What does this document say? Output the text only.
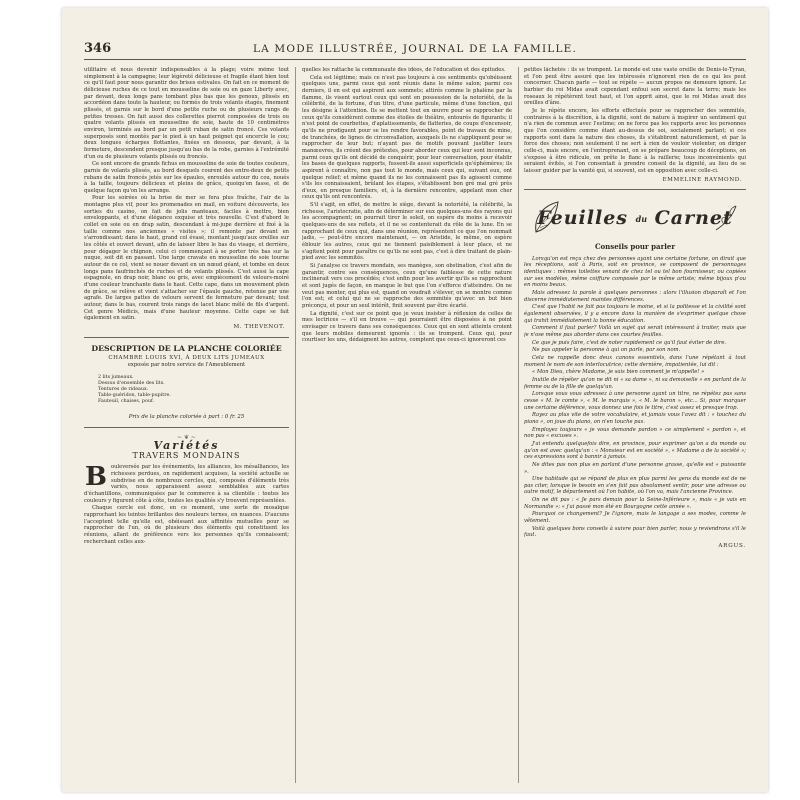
346	LA MODE ILLUSTRÉE, JOURNAL DE LA FAMILLE.

utilitaire et nous devenir indispensables à la plage; voire même tout simplement à la campagne; leur légèreté délicieuse et fragile étant bien tout ce qu'il faut pour nous garantir des brises estivales. On fait en ce moment de délicieuse ruches de ce tout en mousseline de soie ou en gaze Liberty avec, par devant, deux longs pans tombant plus bas que les genoux, plissés en accordéon dans toute la hauteur, ou formés de trois volants étagés, finement plissés, et garnis sur le bord d'une petite ruche ou de plusieurs rangs de petites tresses. On fait aussi des collerettes pierrot composées de trois ou quatre volants plissés en mousseline de soie, haute de 10 centimètres environ, terminés au bord par un petit ruban de satin froncé. Ces volants superposés sont montés par le pied à un haut poignet qui encercle le cou; deux longues écharpes flottantes, fixées en dessous, par devant, à la fermeture, descendent presque jusqu'au bas de la robe, garnies à l'extrémité d'un ou de plusieurs volants plissés ou froncés.

Ce sont encore de grands fichus en mousseline de soie de toutes couleurs, garnis de volants plissés, au bord desquels courent des entre-deux de petits rubans de satin froncés jetés sur les épaules, enroulés autour du cou, noués à la taille, toujours délicieux et pleins de grâce, quoiqu'en fasse, et de quelque façon qu'on les arrange.

Pour les soirées où la brise de mer se fera plus fraîche, l'air de la montagne plus vif, pour les promenades en mail, en voiture découverte, les sorties du casino, on fait de jolis manteaux, faciles à mettre, bien enveloppants, et d'une élégance exquise et très nouvelle. C'est d'abord le collet en soie ou en drap satin, descendant à mi-jupe derrière et fixé à la taille comme nos anciennes « visites »; il remonte par devant en s'arrondissant; dans le haut, grand col évasé, montant jusqu'aux oreilles sur les côtés et ouvert devant, afin de laisser libre le bas du visage, et derrière, pour dégager le chignon, celui ci commençant à se porter très bas sur la nuque, soit dit en passant. Une large cravate en mousseline de soie tourne autour de ce col, vient se nouer devant en un nœud géant, et tombe en deux longs pans faufrinchés de ruches et de volants plissés. C'est aussi la cape espagnole, en drap noir, blanc ou gris, avec empiècement de velours-moiré d'une couleur tranchante dans le haut. Cette cape, dans un mouvement plein de grâce, se relève et vient s'attacher sur l'épaule gauche, retenue par une agrafe. De larges pattes de velours servent de fermeture par devant; tout autour, dans le bas, courent trois rangs de lacet blanc mêlé de fils d'argent. Cet genre Médicis, mais d'une hauteur moyenne. Cette cape se fait également en satin.

M. THEVENOT.
DESCRIPTION DE LA PLANCHE COLORIÉE
CHAMBRE LOUIS XVI, À DEUX LITS JUMEAUX
exposée par notre service de l'Ameublement
2 lits jumeaux.
Dessus d'ensemble des lits.
Tentures de rideaux.
Table-guéridon, table-pupitre.
Fauteuil, chaises, pouf.
Prix de la planche coloriée à part : 0 fr. 25
~ ❦ ~
Variétés
TRAVERS MONDAINS

Bouleversée par les événements, les alliances, les mésalliances, les richesses perdues, on rapidement acquises, la société actuelle se subdivise en de nombreux cercles, qui, composés d'éléments très variés, nous apparaissent assez semblables aux cartes d'échantillons, communiquées par le commerce à sa clientèle : toutes les couleurs y figurent côte à côte, toutes les qualités s'y trouvent représentées.

Chaque cercle est donc, en ce moment, une sorte de mosaïque rapprochant les teintes brillantes des nouleurs ternes, en nuances. D'aucuns l'acceptent telle qu'elle est, obéissant aux affinités mutuelles pour se rapprocher de l'un, où de plusieurs des éléments qui constituent les réunions, allant de préférence vers les personnes qu'ils connaissent; recherchant celles aux-

quelles les rattache la communauté des idées, de l'éducation et des épitudes.

Cela est légitime; mais ce n'est pas toujours à ces sentiments qu'obéissent quelques uns, parmi ceux qui sont réunis dans le même salon; parmi ces derniers, il en est qui aspirent aux sommets; attirés comme le phalène par la flamme, ils visent surtout ceux qui sont en possession de la notoriété, de la célébrité, de la fortune, d'un titre, d'une particule, même d'une fonction, qui les désigne à l'attention. Ils se mettent tout en œuvre pour se rapprocher de ceux qu'ils considèrent comme des étoiles de théâtre, entourés de figurants; il n'est point de courbettes, d'aplatissements, de flatteries, de coups d'encensoir, qu'ils ne prodiguent pour se les rendre favorables, point de travaux de mine, de tranchées, de lignes de circonvallation, auxquels ils ne s'appliquent pour se rapprocher de leur but; n'ayant pas de motifs pouvant justifier leurs manœuvres, ils créent des prétextes, pour aborder ceux qui leur sont inconnus, parmi ceux qu'ils ont décidé de conquérir, pour leur conversation, pour établir les bases de quelques rapports, fussent-ils aussi superficiels qu'éphémères; ils aspirent à connaître, non pas tout le monde, mais ceux qui, suivant eux, ont quelque relief; et même quand ils ne les connaissent pas ils agissent comme s'ils les connaissaient, brûlant les étapes, s'établissent bon gré mal gré près d'eux, en presque familiers, et, à la dernière rencontre, appelant mon cher ceux qu'ils ont rencontrés.

S'il s'agit, en effet, de mettre le siège, devant la notoriété, la célébrité, la richesse, l'aristocratie, afin de déterminer sur eux quelques-uns des rayons qui les accompagnent; on pourrait tirer le soleil, on espère du moins à recevoir quelques-uns de ses reflets, et il ne se contenterait du rôle de la lune. En se rapprochant de ceux qui, dans une réunion, représentent ce que l'on nommait jadis, — peut-être encore maintenant, — on Aristide, le même, on espère éblouir les autres, ceux qui ne tiennent paisiblement à leur place, et ne s'agitent point pour paraître ce qu'ils ne sont pas, c'est à dire traitant de plain-pied avec les sommités.

Si j'analyse ce travers mondain, ses manèges, son obstination, c'est afin de garantir, contre ses conséquences, ceux qu'une faiblesse de cette nature inclinerait vers ces procédés; c'est enfin pour les avertir qu'ils se rapprochent et sont jugés de façon, en manque le but que l'on s'efforce d'atteindre. On ne veut pas monter, qui plus est, quand on voudrait s'élever, on se montre comme l'on est; et celui qui ne se rapproche des sommités qu'avec un but bien préconçu, et pour un seul intérêt, finit souvent par être écarté.

La dignité, c'est sur ce point que je veux insister à réflexion de celles de mes lectrices — s'il en trouve — qui pourraient être disposées à ne point envisager ce travers dans ses conséquences. Ceux qui en sont atteints croient que leurs mobiles demeurent ignorés : ils se trompent. Ceux qui, pour courtiser les uns, dédaignent les autres, comptent que ceux-ci ignoreront ces

petites lâchetés : ils se trompent. Le monde est une vaste oreille de Denis-le-Tyran, et l'on peut être assuré que les intéressés n'ignorent rien de ce qui les peut concerner. Chacun parle — tout se répète — aucun propos ne demeure ignoré. Le barbier du roi Midas avait cependant enfoui son secret dans la terre; mais les roseaux le répétèrent tout haut, et l'on apprit ainsi, que le roi Midas avait des oreilles d'âne.

Je le répète encore, les efforts effectués pour se rapprocher des sommités, contraires à la discrétion, à la dignité, sont de nature à inspirer un sentiment qui n'a rien de commun avec l'estime; on ne force pas les rapports avec les personnes que l'on considère comme étant au-dessus de soi, socialement parlant; si ces rapports sont dans la nature des choses, ils s'établiront naturellement, et par la force des choses; non seulement il ne sert à rien de vouloir violenter, on diriger celle-ci, mais encore, en l'entreprenant, on se prépare beaucoup de déceptions, on s'expose à être ridicule, on prête le flanc à la raillerie; tous inconvénients qui seraient évités, si l'on consentait à prendre conseil de la dignité, au lieu de se laisser guider par la vanité qui, si souvent, est en opposition avec celle-ci.

EMMELINE RAYMOND.
Feuilles du Carnet
Conseils pour parler

Lorsqu'on est reçu chez des personnes ayant une certaine fortune, on dirait que les réceptions, soit à Paris, soit en province, se composent de personnages identiques : mêmes toilettes venant de chez tel ou tel bon fournisseur, ou copiées sur ses modèles, même coiffure composée par le même artiste; même bijoux p'ou en moins beaux.

Mais adressez la parole à quelques personnes : alors l'illusion disparaît et l'on discerne immédiatement maintes différences.

C'est que l'habit ne fait pas toujours le moine, et si la politesse et la civilité sont également observées, il y a encore dans la manière de s'exprimer quelque chose qui trahit immédiatement la bonne éducation.

Comment il faut parler? Voilà un sujet qui serait intéressant à traiter, mais que je n'ose même pas aborder dans ces courtes feuilles.

Ce que je puis faire, c'est de noter rapidement ce qu'il faut éviter de dire.

Ne pas appeler la personne à qui on parle, par son nom.

Cela ne rappelle donc deux canons essentiels, dans l'une répétant à tout moment le nom de son interlocutrice; cette dernière, impatientée, lui dit :

« Mon Dieu, chère Madame, je sais bien comment je m'appelle! »

Inutile de répéter qu'on ne dit ni « sa dame », ni sa demoiselle » en parlant de la femme ou de la fille de quelqu'un.

Lorsque vous vous adressez à une personne ayant un titre, ne répétez pas sans cesse « M. le comte », « M. le marquis », « M. le baron », etc... Si, pour marquer une certaine déférence, vous donnez une fois le titre, c'est assez et presque trop.

Rayez au plus vite de votre vocabulaire, et jamais vous l'avez dit : « touchez du piano », on joue du piano, on n'en touche pas.

Employez toujours « je vous demande pardon » ce simplement « pardon », et non pas « excuses ».

J'ai entendu quelquefois dire, en province, pour exprimer qu'on a du monde ou qu'on est avec quelqu'un : « Monsieur est en société », « Madame a de la société »; ces expressions sont à bannir à jamais.

Ne dites pas non plus en parlant d'une personne grasse, qu'elle est « puissante ».

Une habitude qui se répand de plus en plus parmi les gens du monde est de ne pas citer, lorsque le besoin en s'en fait pas absolument sentir, pour une adresse ou autre motif, le département où l'on habite, où l'on va, mais l'ancienne Province.

On ne dit pas : « Je pars demain pour la Seine-Inférieure », mais « je vais en Normandie »; « j'ai passé mon été en Bourgogne cette année ».

Pourquoi ce changement? Je l'ignore, mais le langage a ses modes, comme le vêtement.

Voilà quelques bons conseils à suivre pour bien parler, nous y reviendrons s'il le faut.

ARGUS.
